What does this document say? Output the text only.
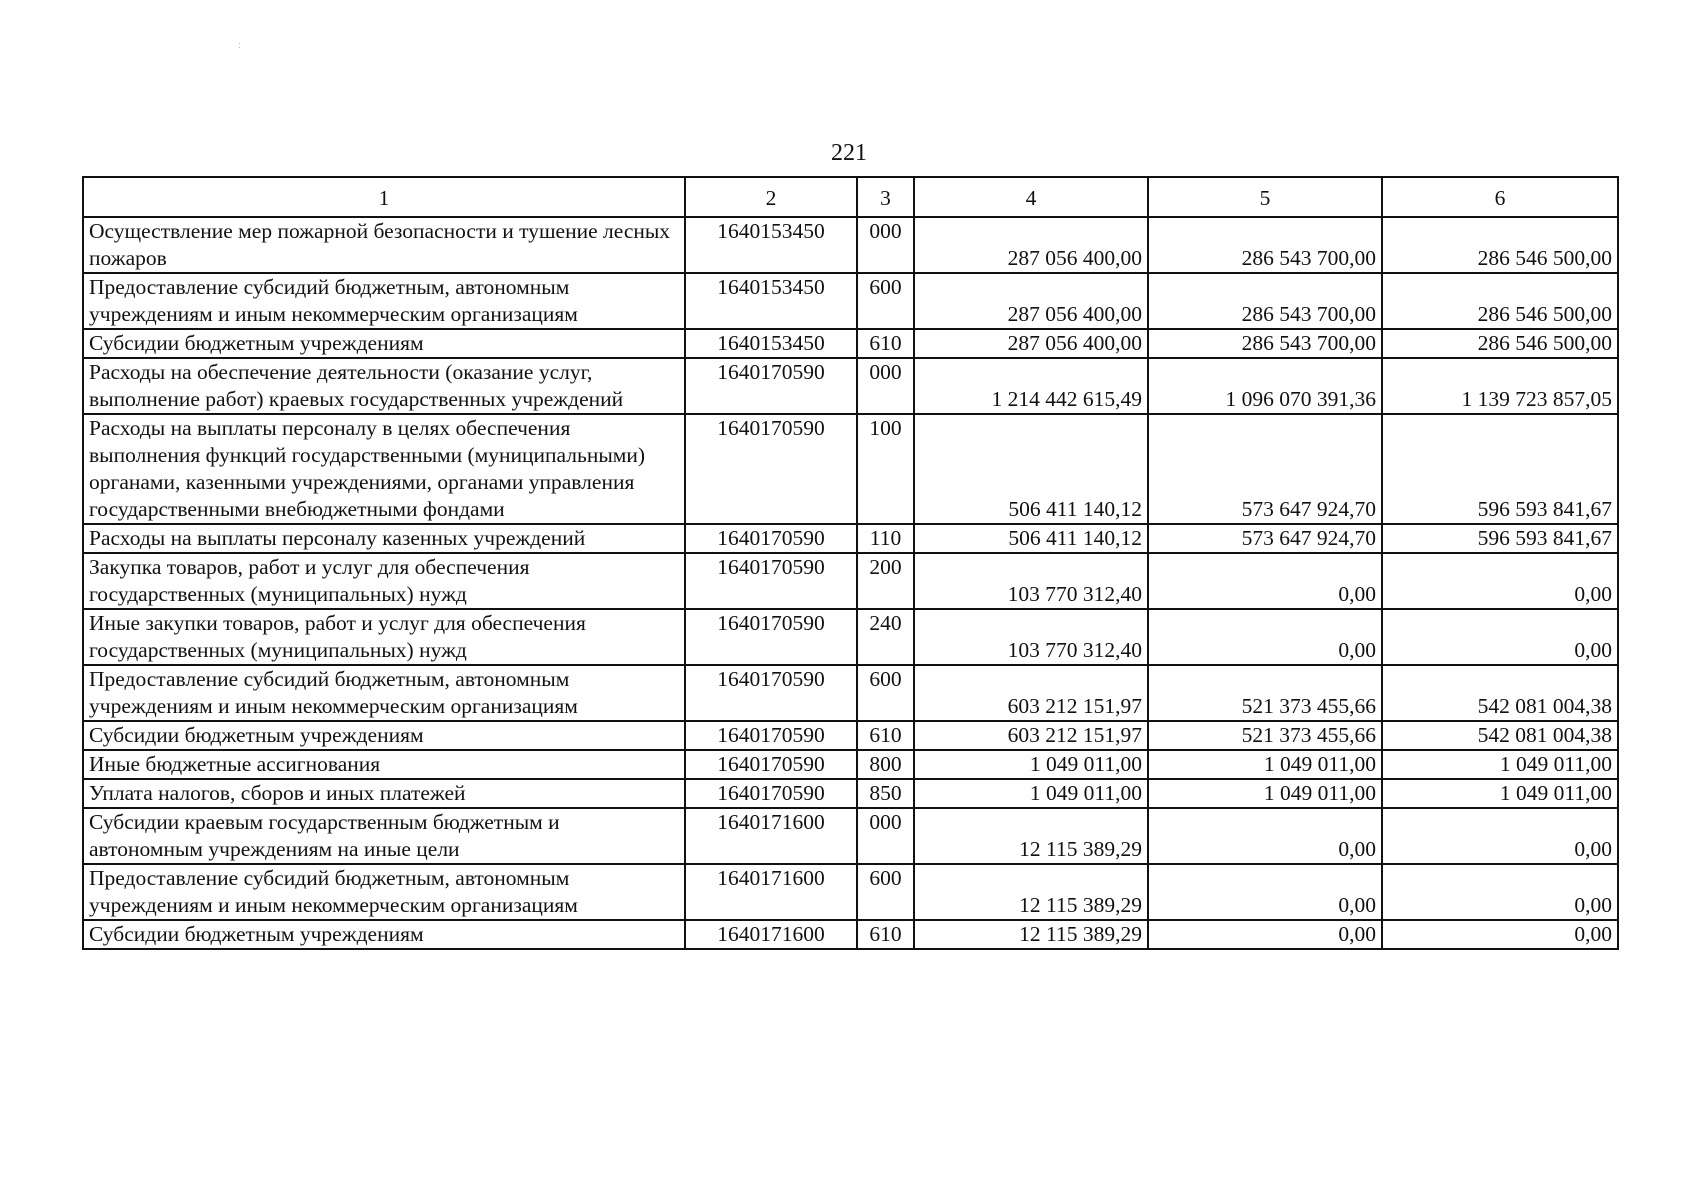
221
1	2	3	4	5	6
Осуществление мер пожарной безопасности и тушение лесных пожаров	1640153450	000	287 056 400,00	286 543 700,00	286 546 500,00
Предоставление субсидий бюджетным, автономным учреждениям и иным некоммерческим организациям	1640153450	600	287 056 400,00	286 543 700,00	286 546 500,00
Субсидии бюджетным учреждениям	1640153450	610	287 056 400,00	286 543 700,00	286 546 500,00
Расходы на обеспечение деятельности (оказание услуг, выполнение работ) краевых государственных учреждений	1640170590	000	1 214 442 615,49	1 096 070 391,36	1 139 723 857,05
Расходы на выплаты персоналу в целях обеспечения выполнения функций государственными (муниципальными) органами, казенными учреждениями, органами управления государственными внебюджетными фондами	1640170590	100	506 411 140,12	573 647 924,70	596 593 841,67
Расходы на выплаты персоналу казенных учреждений	1640170590	110	506 411 140,12	573 647 924,70	596 593 841,67
Закупка товаров, работ и услуг для обеспечения государственных (муниципальных) нужд	1640170590	200	103 770 312,40	0,00	0,00
Иные закупки товаров, работ и услуг для обеспечения государственных (муниципальных) нужд	1640170590	240	103 770 312,40	0,00	0,00
Предоставление субсидий бюджетным, автономным учреждениям и иным некоммерческим организациям	1640170590	600	603 212 151,97	521 373 455,66	542 081 004,38
Субсидии бюджетным учреждениям	1640170590	610	603 212 151,97	521 373 455,66	542 081 004,38
Иные бюджетные ассигнования	1640170590	800	1 049 011,00	1 049 011,00	1 049 011,00
Уплата налогов, сборов и иных платежей	1640170590	850	1 049 011,00	1 049 011,00	1 049 011,00
Субсидии краевым государственным бюджетным и автономным учреждениям на иные цели	1640171600	000	12 115 389,29	0,00	0,00
Предоставление субсидий бюджетным, автономным учреждениям и иным некоммерческим организациям	1640171600	600	12 115 389,29	0,00	0,00
Субсидии бюджетным учреждениям	1640171600	610	12 115 389,29	0,00	0,00
:
